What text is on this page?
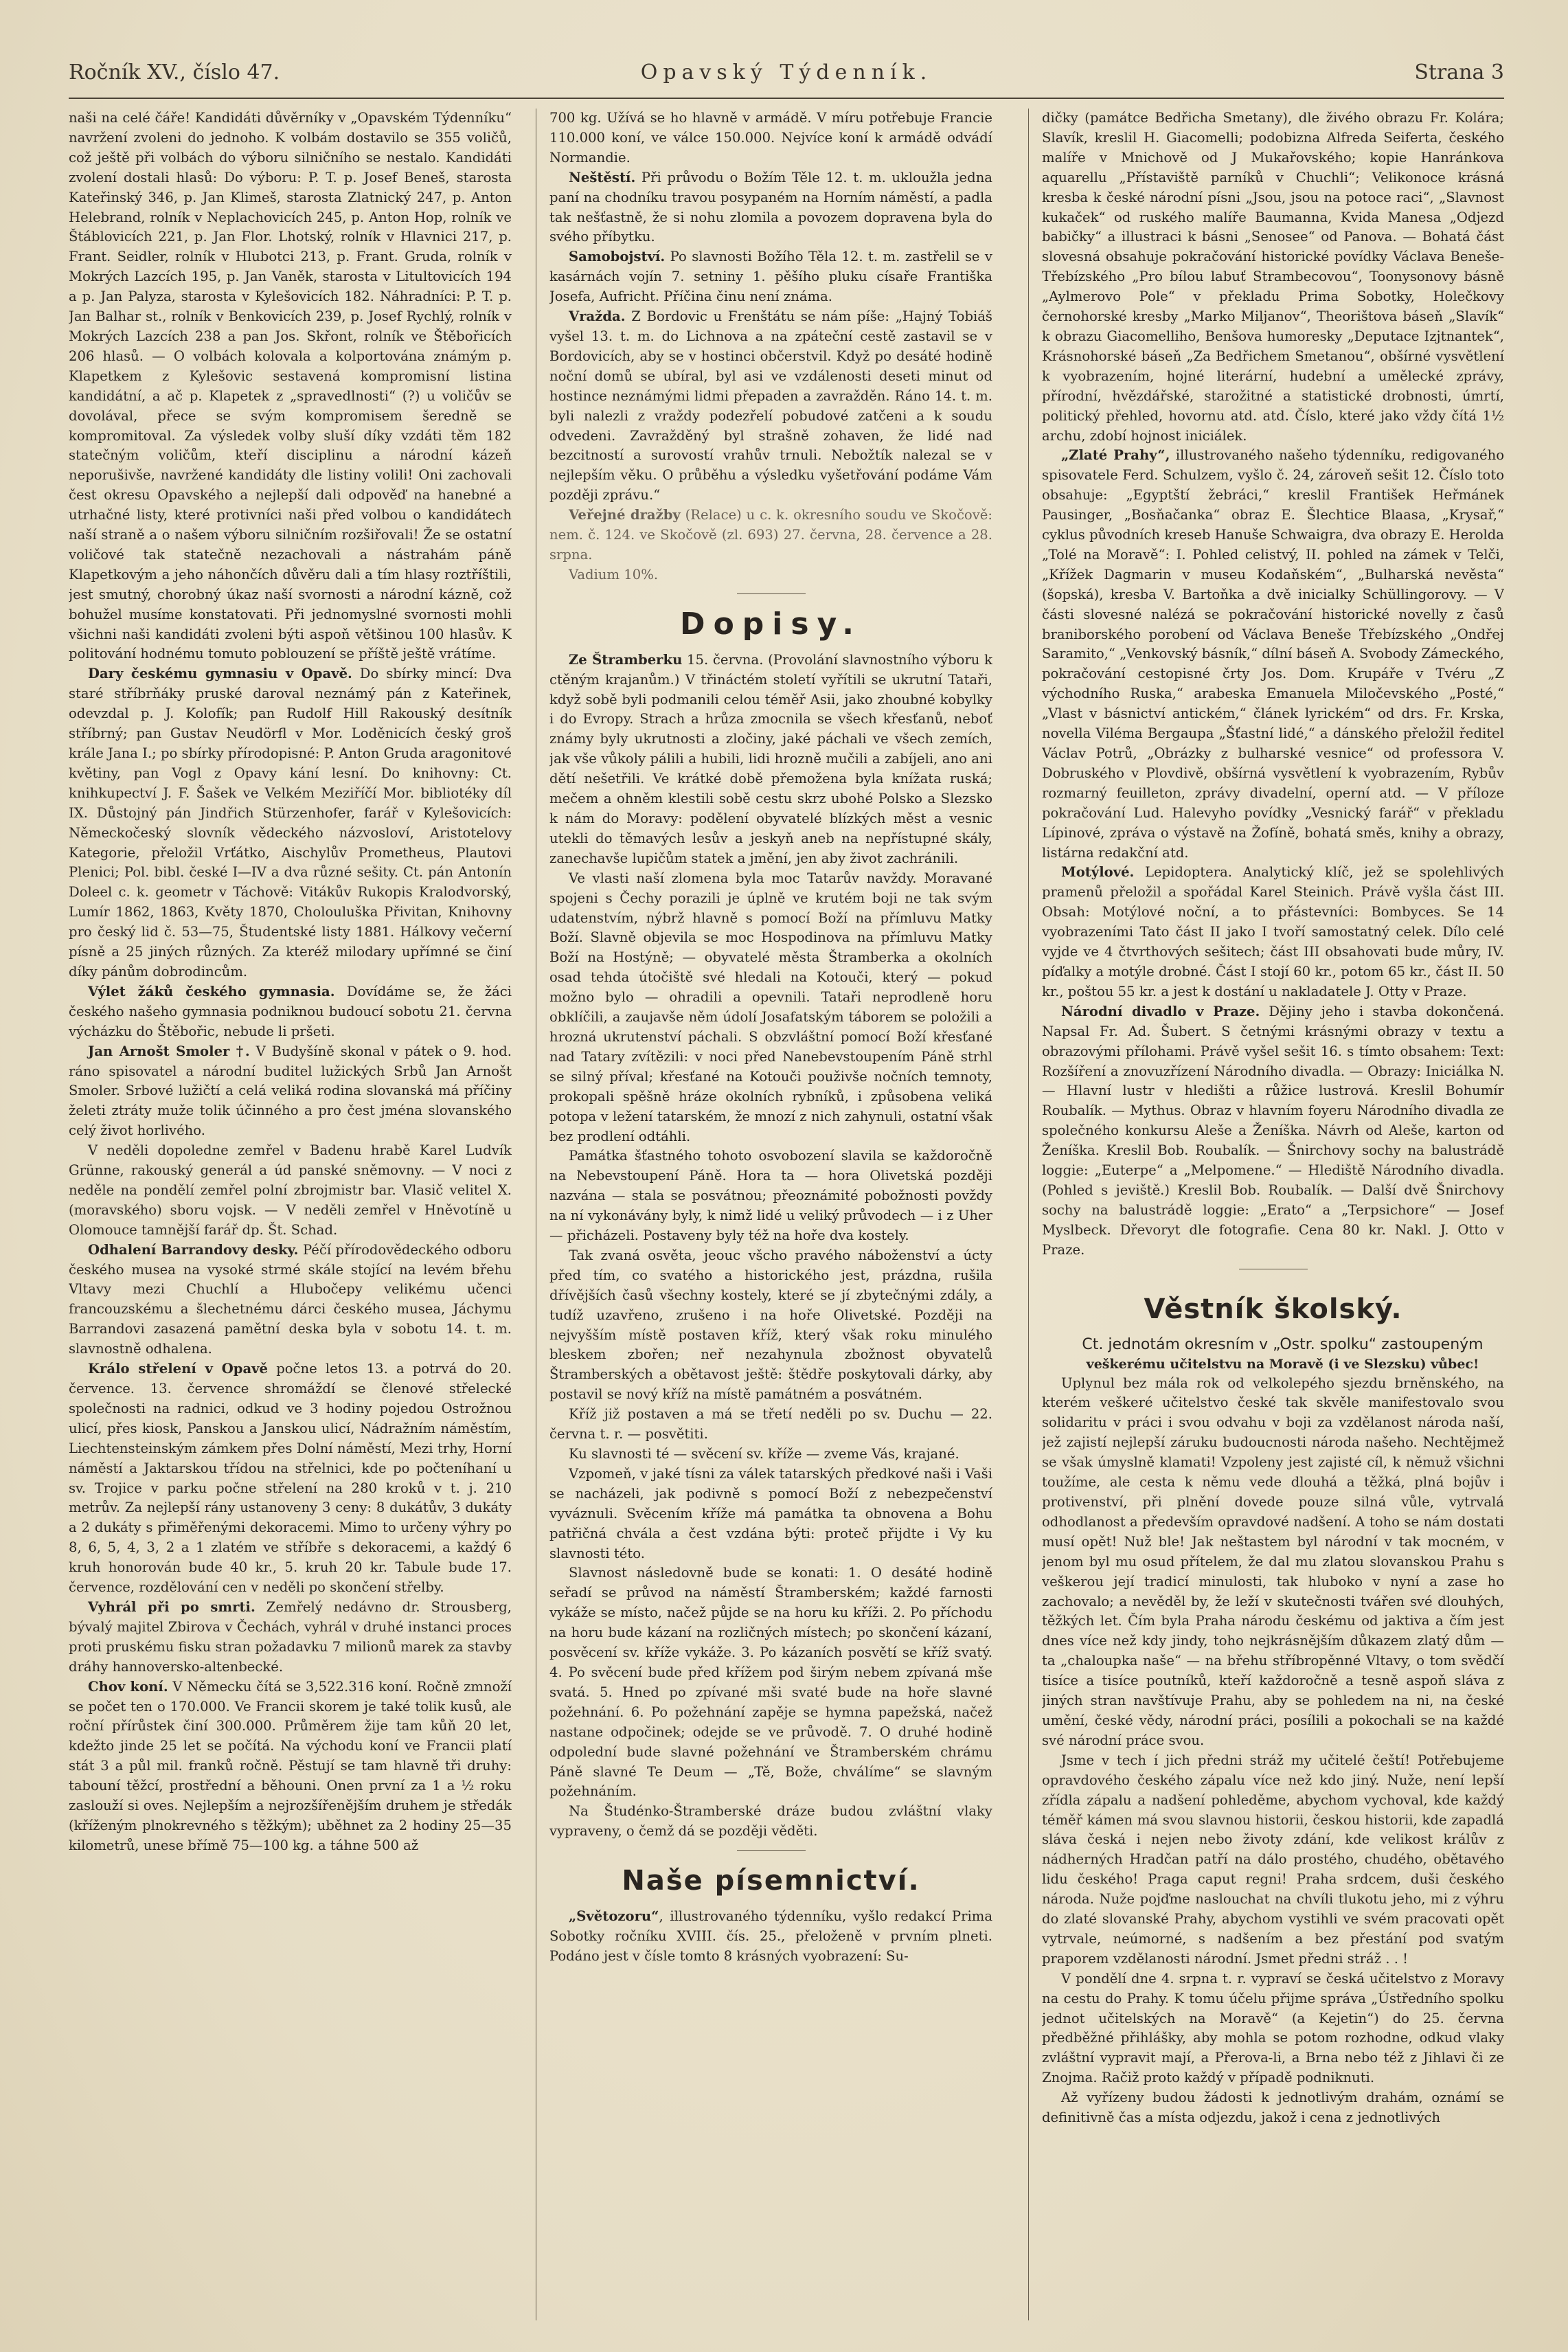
Ročník XV., číslo 47.	Opavský Týdenník.	Strana 3

naši na celé čáře! Kandidáti důvěrníky v „Opavském Týdenníku“ navržení zvoleni do jednoho. K volbám dostavilo se 355 voličů, což ještě při volbách do výboru silničního se nestalo. Kandidáti zvolení dostali hlasů: Do výboru: P. T. p. Josef Beneš, starosta Kateřinský 346, p. Jan Klimeš, starosta Zlatnický 247, p. Anton Helebrand, rolník v Neplachovicích 245, p. Anton Hop, rolník ve Štáblovicích 221, p. Jan Flor. Lhotský, rolník v Hlavnici 217, p. Frant. Seidler, rolník v Hlubotci 213, p. Frant. Gruda, rolník v Mokrých Lazcích 195, p. Jan Vaněk, starosta v Litultovicích 194 a p. Jan Palyza, starosta v Kylešovicích 182. Náhradníci: P. T. p. Jan Balhar st., rolník v Benkovicích 239, p. Josef Rychlý, rolník v Mokrých Lazcích 238 a pan Jos. Skřont, rolník ve Štěbořicích 206 hlasů. — O volbách kolovala a kolportována známým p. Klapetkem z Kylešovic sestavená kompromisní listina kandidátní, a ač p. Klapetek z „spravedlnosti“ (?) u voličův se dovolával, přece se svým kompromisem šeredně se kompromitoval. Za výsledek volby sluší díky vzdáti těm 182 statečným voličům, kteří disciplinu a národní kázeň neporušivše, navržené kandidáty dle listiny volili! Oni zachovali čest okresu Opavského a nejlepší dali odpověď na hanebné a utrhačné listy, které protivníci naši před volbou o kandidátech naší straně a o našem výboru silničním rozšiřovali! Že se ostatní voličové tak statečně nezachovali a nástrahám páně Klapetkovým a jeho náhončích důvěru dali a tím hlasy roztříštili, jest smutný, chorobný úkaz naší svornosti a národní kázně, což bohužel musíme konstatovati. Při jednomyslné svornosti mohli všichni naši kandidáti zvoleni býti aspoň většinou 100 hlasův. K politování hodnému tomuto poblouzení se příště ještě vrátíme.

Dary českému gymnasiu v Opavě. Do sbírky mincí: Dva staré stříbrňáky pruské daroval neznámý pán z Kateřinek, odevzdal p. J. Kolofík; pan Rudolf Hill Rakouský desítník stříbrný; pan Gustav Neudörfl v Mor. Loděnicích český groš krále Jana I.; po sbírky přírodopisné: P. Anton Gruda aragonitové květiny, pan Vogl z Opavy kání lesní. Do knihovny: Ct. knihkupectví J. F. Šašek ve Velkém Meziříčí Mor. bibliotéky díl IX. Důstojný pán Jindřich Stürzenhofer, farář v Kylešovicích: Německočeský slovník vědeckého názvosloví, Aristotelovy Kategorie, přeložil Vrťátko, Aischylův Prometheus, Plautovi Plenici; Pol. bibl. české I—IV a dva různé sešity. Ct. pán Antonín Doleel c. k. geometr v Táchově: Vitákův Rukopis Kralodvorský, Lumír 1862, 1863, Květy 1870, Cholouluška Přivitan, Knihovny pro český lid č. 53—75, Študentské listy 1881. Hálkovy večerní písně a 25 jiných různých. Za kteréž milodary upřímné se činí díky pánům dobrodincům.

Výlet žáků českého gymnasia. Dovídáme se, že žáci českého našeho gymnasia podniknou budoucí sobotu 21. června výcházku do Štěbořic, nebude li pršeti.

Jan Arnošt Smoler †. V Budyšíně skonal v pátek o 9. hod. ráno spisovatel a národní buditel lužických Srbů Jan Arnošt Smoler. Srbové lužičtí a celá veliká rodina slovanská má příčiny želeti ztráty muže tolik účinného a pro čest jména slovanského celý život horlivého.

V neděli dopoledne zemřel v Badenu hrabě Karel Ludvík Grünne, rakouský generál a úd panské sněmovny. — V noci z neděle na pondělí zemřel polní zbrojmistr bar. Vlasič velitel X. (moravského) sboru vojsk. — V neděli zemřel v Hněvotíně u Olomouce tamnější farář dp. Št. Schad.

Odhalení Barrandovy desky. Péčí přírodovědeckého odboru českého musea na vysoké strmé skále stojící na levém břehu Vltavy mezi Chuchlí a Hlubočepy velikému učenci francouzskému a šlechetnému dárci českého musea, Jáchymu Barrandovi zasazená pamětní deska byla v sobotu 14. t. m. slavnostně odhalena.

Králo střelení v Opavě počne letos 13. a potrvá do 20. července. 13. července shromáždí se členové střelecké společnosti na radnici, odkud ve 3 hodiny pojedou Ostrožnou ulicí, přes kiosk, Panskou a Janskou ulicí, Nádražním náměstím, Liechtensteinským zámkem přes Dolní náměstí, Mezi trhy, Horní náměstí a Jaktarskou třídou na střelnici, kde po počteníhaní u sv. Trojice v parku počne střelení na 280 kroků v t. j. 210 metrův. Za nejlepší rány ustanoveny 3 ceny: 8 dukátův, 3 dukáty a 2 dukáty s přiměřenými dekoracemi. Mimo to určeny výhry po 8, 6, 5, 4, 3, 2 a 1 zlatém ve stříbře s dekoracemi, a každý 6 kruh honorován bude 40 kr., 5. kruh 20 kr. Tabule bude 17. července, rozdělování cen v neděli po skončení střelby.

Vyhrál při po smrti. Zemřelý nedávno dr. Strousberg, bývalý majitel Zbirova v Čechách, vyhrál v druhé instanci proces proti pruskému fisku stran požadavku 7 milionů marek za stavby dráhy hannoversko-altenbecké.

Chov koní. V Německu čítá se 3,522.316 koní. Ročně zmnoží se počet ten o 170.000. Ve Francii skorem je také tolik kusů, ale roční přírůstek činí 300.000. Průměrem žije tam kůň 20 let, kdežto jinde 25 let se počítá. Na východu koní ve Francii platí stát 3 a půl mil. franků ročně. Pěstují se tam hlavně tři druhy: tabouní těžcí, prostřední a běhouni. Onen první za 1 a ½ roku zaslouží si oves. Nejlepším a nejrozšířenějším druhem je středák (kříženým plnokrevného s těžkým); uběhnet za 2 hodiny 25—35 kilometrů, unese břímě 75—100 kg. a táhne 500 až

700 kg. Užívá se ho hlavně v armádě. V míru potřebuje Francie 110.000 koní, ve válce 150.000. Nejvíce koní k armádě odvádí Normandie.

Neštěstí. Při průvodu o Božím Těle 12. t. m. ukloužla jedna paní na chodníku travou posypaném na Horním náměstí, a padla tak nešťastně, že si nohu zlomila a povozem dopravena byla do svého příbytku.

Samobojství. Po slavnosti Božího Těla 12. t. m. zastřelil se v kasárnách vojín 7. setniny 1. pěšího pluku císaře Františka Josefa, Aufricht. Příčina činu není známa.

Vražda. Z Bordovic u Frenštátu se nám píše: „Hajný Tobiáš vyšel 13. t. m. do Lichnova a na zpáteční cestě zastavil se v Bordovicích, aby se v hostinci občerstvil. Když po desáté hodině noční domů se ubíral, byl asi ve vzdálenosti deseti minut od hostince neznámými lidmi přepaden a zavražděn. Ráno 14. t. m. byli nalezli z vraždy podezřelí pobudové zatčeni a k soudu odvedeni. Zavražděný byl strašně zohaven, že lidé nad bezcitností a surovostí vrahův trnuli. Nebožtík nalezal se v nejlepším věku. O průběhu a výsledku vyšetřování podáme Vám později zprávu.“

Veřejné dražby (Relace) u c. k. okresního soudu ve Skočově: nem. č. 124. ve Skočově (zl. 693) 27. června, 28. července a 28. srpna.

Vadium 10%.

Dopisy.

Ze Štramberku 15. června. (Provolání slavnostního výboru k ctěným krajanům.) V třináctém století vyřítili se ukrutní Tataři, když sobě byli podmanili celou téměř Asii, jako zhoubné kobylky i do Evropy. Strach a hrůza zmocnila se všech křesťanů, neboť známy byly ukrutnosti a zločiny, jaké páchali ve všech zemích, jak vše vůkoly pálili a hubili, lidi hrozně mučili a zabíjeli, ano ani dětí nešetřili. Ve krátké době přemožena byla knížata ruská; mečem a ohněm klestili sobě cestu skrz ubohé Polsko a Slezsko k nám do Moravy: podělení obyvatelé blízkých měst a vesnic utekli do těmavých lesův a jeskyň aneb na nepřístupné skály, zanechavše lupičům statek a jmění, jen aby život zachránili.

Ve vlasti naší zlomena byla moc Tatarův navždy. Moravané spojeni s Čechy porazili je úplně ve krutém boji ne tak svým udatenstvím, nýbrž hlavně s pomocí Boží na přímluvu Matky Boží. Slavně objevila se moc Hospodinova na přímluvu Matky Boží na Hostýně; — obyvatelé města Štramberka a okolních osad tehda útočiště své hledali na Kotouči, který — pokud možno bylo — ohradili a opevnili. Tataři neprodleně horu obklíčili, a zaujavše něm údolí Josafatským táborem se položili a hrozná ukrutenství páchali. S obzvláštní pomocí Boží křesťané nad Tatary zvítězili: v noci před Nanebevstoupením Páně strhl se silný příval; křesťané na Kotouči použivše nočních temnoty, prokopali spěšně hráze okolních rybníků, i způsobena veliká potopa v ležení tatarském, že mnozí z nich zahynuli, ostatní však bez prodlení odtáhli.

Památka šťastného tohoto osvobození slavila se každoročně na Nebevstoupení Páně. Hora ta — hora Olivetská později nazvána — stala se posvátnou; přeoznámité pobožnosti povždy na ní vykonávány byly, k nimž lidé u veliký průvodech — i z Uher — přicházeli. Postaveny byly též na hoře dva kostely.

Tak zvaná osvěta, jeouc všcho pravého náboženství a úcty před tím, co svatého a historického jest, prázdna, rušila dřívějších časů všechny kostely, které se jí zbytečnými zdály, a tudíž uzavřeno, zrušeno i na hoře Olivetské. Později na nejvyšším místě postaven kříž, který však roku minulého bleskem zbořen; neř nezahynula zbožnost obyvatelů Štramberských a obětavost ještě: štědře poskytovali dárky, aby postavil se nový kříž na místě památném a posvátném.

Kříž již postaven a má se třetí neděli po sv. Duchu — 22. června t. r. — posvětiti.

Ku slavnosti té — svěcení sv. kříže — zveme Vás, krajané.

Vzpomeň, v jaké tísni za válek tatarských předkové naši i Vaši se nacházeli, jak podivně s pomocí Boží z nebezpečenství vyváznuli. Svěcením kříže má památka ta obnovena a Bohu patřičná chvála a čest vzdána býti: proteč přijdte i Vy ku slavnosti této.

Slavnost následovně bude se konati: 1. O desáté hodině seřadí se průvod na náměstí Štramberském; každé farnosti vykáže se místo, načež půjde se na horu ku kříži. 2. Po příchodu na horu bude kázaní na rozličných místech; po skončení kázaní, posvěcení sv. kříže vykáže. 3. Po kázaních posvětí se kříž svatý. 4. Po svěcení bude před křížem pod širým nebem zpívaná mše svatá. 5. Hned po zpívané mši svaté bude na hoře slavné požehnání. 6. Po požehnání zapěje se hymna papežská, načež nastane odpočinek; odejde se ve průvodě. 7. O druhé hodině odpolední bude slavné požehnání ve Štramberském chrámu Páně slavné Te Deum — „Tě, Bože, chválíme“ se slavným požehnáním.

Na Študénko-Štramberské dráze budou zvláštní vlaky vypraveny, o čemž dá se později věděti.

Naše písemnictví.

„Světozoru“, illustrovaného týdenníku, vyšlo redakcí Prima Sobotky ročníku XVIII. čís. 25., přeloženě v prvním plneti. Podáno jest v čísle tomto 8 krásných vyobrazení: Su-

dičky (památce Bedřicha Smetany), dle živého obrazu Fr. Kolára; Slavík, kreslil H. Giacomelli; podobizna Alfreda Seiferta, českého malíře v Mnichově od J Mukařovského; kopie Hanránkova aquarellu „Přístaviště parníků v Chuchli“; Velikonoce krásná kresba k české národní písni „Jsou, jsou na potoce raci“, „Slavnost kukaček“ od ruského malíře Baumanna, Kvida Manesa „Odjezd babičky“ a illustraci k básni „Senosee“ od Panova. — Bohatá část slovesná obsahuje pokračování historické povídky Václava Beneše-Třebízského „Pro bílou labuť Strambecovou“, Toonysonovy básně „Aylmerovo Pole“ v překladu Prima Sobotky, Holečkovy černohorské kresby „Marko Miljanov“, Theorištova báseň „Slavík“ k obrazu Giacomelliho, Benšova humoresky „Deputace Izjtnantek“, Krásnohorské báseň „Za Bedřichem Smetanou“, obšírné vysvětlení k vyobrazením, hojné literární, hudební a umělecké zprávy, přírodní, hvězdářské, starožitné a statistické drobnosti, úmrtí, politický přehled, hovornu atd. atd. Číslo, které jako vždy čítá 1½ archu, zdobí hojnost iniciálek.

„Zlaté Prahy“, illustrovaného našeho týdenníku, redigovaného spisovatele Ferd. Schulzem, vyšlo č. 24, zároveň sešit 12. Číslo toto obsahuje: „Egyptští žebráci,“ kreslil František Heřmánek Pausinger, „Bosňačanka“ obraz E. Šlechtice Blaasa, „Krysař,“ cyklus původních kreseb Hanuše Schwaigra, dva obrazy E. Herolda „Tolé na Moravě“: I. Pohled celistvý, II. pohled na zámek v Telči, „Křížek Dagmarin v museu Kodaňském“, „Bulharská nevěsta“ (šopská), kresba V. Bartoňka a dvě inicialky Schüllingorovy. — V části slovesné nalézá se pokračování historické novelly z časů braniborského porobení od Václava Beneše Třebízského „Ondřej Saramito,“ „Venkovský básník,“ dílní báseň A. Svobody Zámeckého, pokračování cestopisné črty Jos. Dom. Krupáře v Tvéru „Z východního Ruska,“ arabeska Emanuela Miločevského „Posté,“ „Vlast v básnictví antickém,“ článek lyrickém“ od drs. Fr. Krska, novella Viléma Bergaupa „Šťastní lidé,“ a dánského přeložil ředitel Václav Potrů, „Obrázky z bulharské vesnice“ od professora V. Dobruského v Plovdivě, obšírná vysvětlení k vyobrazením, Rybův rozmarný feuilleton, zprávy divadelní, operní atd. — V příloze pokračování Lud. Halevyho povídky „Vesnický farář“ v překladu Lípinové, zpráva o výstavě na Žofíně, bohatá směs, knihy a obrazy, listárna redakční atd.

Motýlové. Lepidoptera. Analytický klíč, jež se spolehlivých pramenů přeložil a spořádal Karel Steinich. Právě vyšla část III. Obsah: Motýlové noční, a to přástevníci: Bombyces. Se 14 vyobrazeními Tato část II jako I tvoří samostatný celek. Dílo celé vyjde ve 4 čtvrthových sešitech; část III obsahovati bude můry, IV. píďalky a motýle drobné. Část I stojí 60 kr., potom 65 kr., část II. 50 kr., poštou 55 kr. a jest k dostání u nakladatele J. Otty v Praze.

Národní divadlo v Praze. Dějiny jeho i stavba dokončená. Napsal Fr. Ad. Šubert. S četnými krásnými obrazy v textu a obrazovými přílohami. Právě vyšel sešit 16. s tímto obsahem: Text: Rozšíření a znovuzřízení Národního divadla. — Obrazy: Iniciálka N. — Hlavní lustr v hledišti a růžice lustrová. Kreslil Bohumír Roubalík. — Mythus. Obraz v hlavním foyeru Národního divadla ze společného konkursu Aleše a Ženíška. Návrh od Aleše, karton od Ženíška. Kreslil Bob. Roubalík. — Šnirchovy sochy na balustrádě loggie: „Euterpe“ a „Melpomene.“ — Hlediště Národního divadla. (Pohled s jeviště.) Kreslil Bob. Roubalík. — Další dvě Šnirchovy sochy na balustrádě loggie: „Erato“ a „Terpsichore“ — Josef Myslbeck. Dřevoryt dle fotografie. Cena 80 kr. Nakl. J. Otto v Praze.

Věstník školský.

Ct. jednotám okresním v „Ostr. spolku“ zastoupeným

veškerému učitelstvu na Moravě (i ve Slezsku) vůbec!

Uplynul bez mála rok od velkolepého sjezdu brněnského, na kterém veškeré učitelstvo české tak skvěle manifestovalo svou solidaritu v práci i svou odvahu v boji za vzdělanost národa naší, jež zajistí nejlepší záruku budoucnosti národa našeho. Nechtějmež se však úmyslně klamati! Vzpoleny jest zajisté cíl, k němuž všichni toužíme, ale cesta k němu vede dlouhá a těžká, plná bojův i protivenství, při plnění dovede pouze silná vůle, vytrvalá odhodlanost a především opravdové nadšení. A toho se nám dostati musí opět! Nuž ble! Jak neštastem byl národní v tak mocném, v jenom byl mu osud přítelem, že dal mu zlatou slovanskou Prahu s veškerou její tradicí minulosti, tak hluboko v nyní a zase ho zachovalo; a nevěděl by, že leží v skutečnosti tvářen své dlouhých, těžkých let. Čím byla Praha národu českému od jaktiva a čím jest dnes více než kdy jindy, toho nejkrásnějším důkazem zlatý dům — ta „chaloupka naše“ — na břehu stříbropěnné Vltavy, o tom svědčí tisíce a tisíce poutníků, kteří každoročně a tesně aspoň sláva z jiných stran navštívuje Prahu, aby se pohledem na ni, na české umění, české vědy, národní práci, posílili a pokochali se na každé své národní práce svou.

Jsme v tech í jich předni stráž my učitelé čeští! Potřebujeme opravdového českého zápalu více než kdo jiný. Nuže, není lepší zřídla zápalu a nadšení pohleděme, abychom vychoval, kde každý téměř kámen má svou slavnou historii, českou historii, kde zapadlá sláva česká i nejen nebo životy zdání, kde velikost králův z nádherných Hradčan patří na dálo prostého, chudého, obětavého lidu českého! Praga caput regni! Praha srdcem, duši českého národa. Nuže pojďme naslouchat na chvíli tlukotu jeho, mi z výhru do zlaté slovanské Prahy, abychom vystihli ve svém pracovati opět vytrvale, neúmorné, s nadšením a bez přestání pod svatým praporem vzdělanosti národní. Jsmet předni stráž . . !

V pondělí dne 4. srpna t. r. vypraví se česká učitelstvo z Moravy na cestu do Prahy. K tomu účelu přijme správa „Ústředního spolku jednot učitelských na Moravě“ (a Kejetin“) do 25. června předběžné přihlášky, aby mohla se potom rozhodne, odkud vlaky zvláštní vypravit mají, a Přerova-li, a Brna nebo též z Jihlavi či ze Znojma. Račiž proto každý v případě podniknuti.

Až vyřízeny budou žádosti k jednotlivým drahám, oznámí se definitivně čas a místa odjezdu, jakož i cena z jednotlivých
